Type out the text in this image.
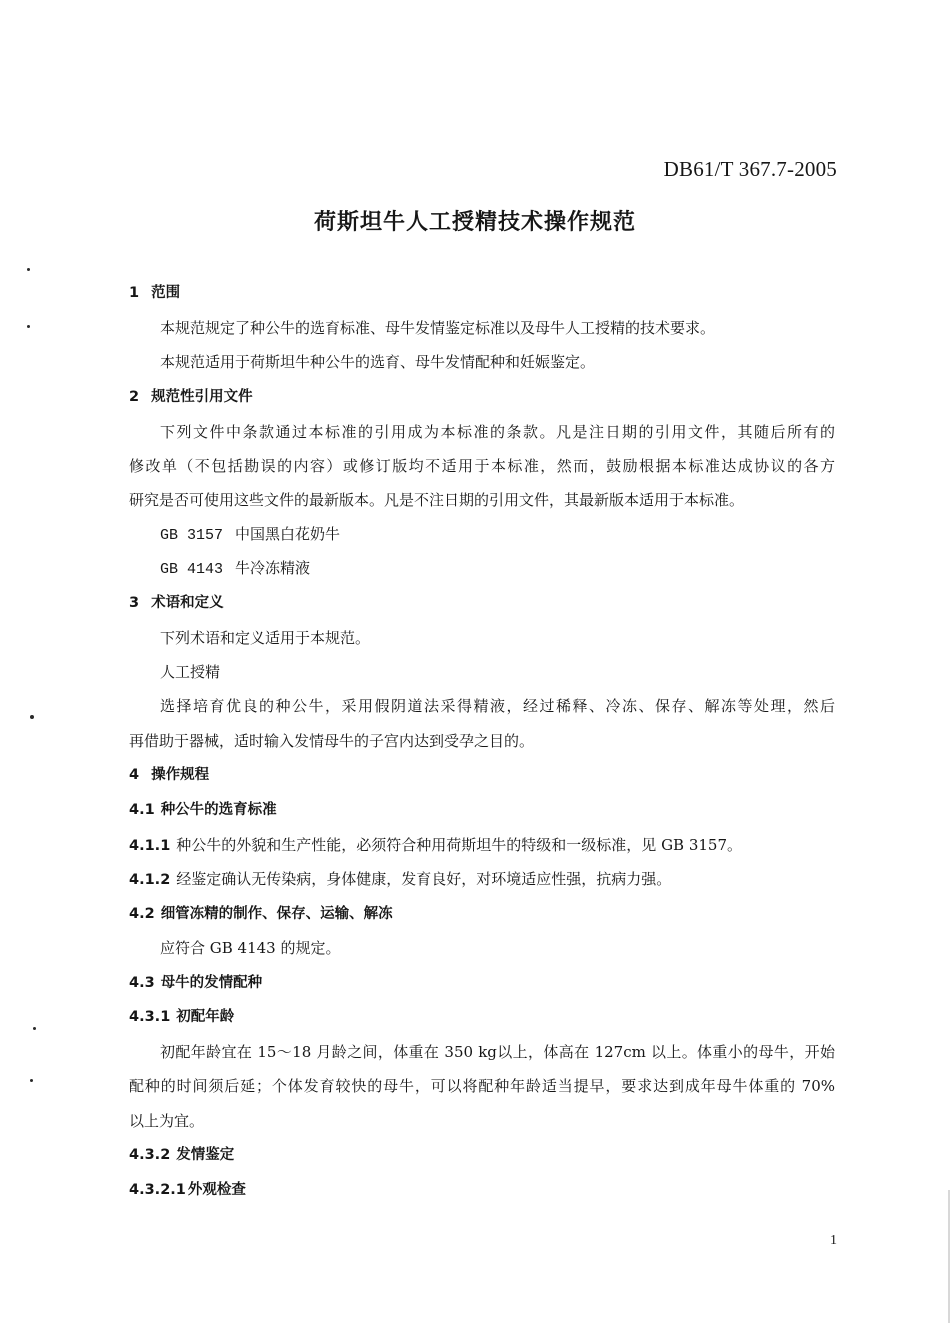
DB61/T 367.7-2005
荷斯坦牛人工授精技术操作规范
1 范围
本规范规定了种公牛的选育标准、母牛发情鉴定标准以及母牛人工授精的技术要求。
本规范适用于荷斯坦牛种公牛的选育、母牛发情配种和妊娠鉴定。
2 规范性引用文件
下列文件中条款通过本标准的引用成为本标准的条款。凡是注日期的引用文件，其随后所有的
修改单（不包括勘误的内容）或修订版均不适用于本标准，然而，鼓励根据本标准达成协议的各方
研究是否可使用这些文件的最新版本。凡是不注日期的引用文件，其最新版本适用于本标准。
GB 3157 中国黑白花奶牛
GB 4143 牛冷冻精液
3 术语和定义
下列术语和定义适用于本规范。
人工授精
选择培育优良的种公牛，采用假阴道法采得精液，经过稀释、冷冻、保存、解冻等处理，然后
再借助于器械，适时输入发情母牛的子宫内达到受孕之目的。
4 操作规程
4.1 种公牛的选育标准
4.1.1 种公牛的外貌和生产性能，必须符合种用荷斯坦牛的特级和一级标准，见 GB 3157。
4.1.2 经鉴定确认无传染病，身体健康，发育良好，对环境适应性强，抗病力强。
4.2 细管冻精的制作、保存、运输、解冻
应符合 GB 4143 的规定。
4.3 母牛的发情配种
4.3.1 初配年龄
初配年龄宜在 15～18 月龄之间，体重在 350 kg以上，体高在 127cm 以上。体重小的母牛，开始
配种的时间须后延；个体发育较快的母牛，可以将配种年龄适当提早，要求达到成年母牛体重的 70%
以上为宜。
4.3.2 发情鉴定
4.3.2.1 外观检查
1
